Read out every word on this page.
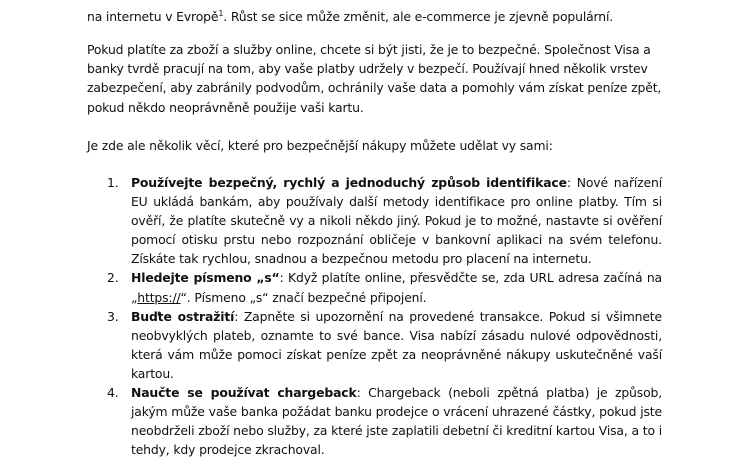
na internetu v Evropě$^1$. Růst se sice může změnit, ale e-commerce je zjevně populární.

Pokud platíte za zboží a služby online, chcete si být jisti, že je to bezpečné. Společnost Visa a banky tvrdě pracují na tom, aby vaše platby udržely v bezpečí. Používají hned několik vrstev zabezpečení, aby zabránily podvodům, ochránily vaše data a pomohly vám získat peníze zpět, pokud někdo neoprávněně použije vaši kartu.

Je zde ale několik věcí, které pro bezpečnější nákupy můžete udělat vy sami:

1. Používejte bezpečný, rychlý a jednoduchý způsob identifikace: Nové nařízení EU ukládá bankám, aby používaly další metody identifikace pro online platby. Tím si ověří, že platíte skutečně vy a nikoli někdo jiný. Pokud je to možné, nastavte si ověření pomocí otisku prstu nebo rozpoznání obličeje v bankovní aplikaci na svém telefonu. Získáte tak rychlou, snadnou a bezpečnou metodu pro placení na internetu.
2. Hledejte písmeno „s“: Když platíte online, přesvědčte se, zda URL adresa začíná na „https://“. Písmeno „s“ značí bezpečné připojení.
3. Buďte ostražití: Zapněte si upozornění na provedené transakce. Pokud si všimnete neobvyklých plateb, oznamte to své bance. Visa nabízí zásadu nulové odpovědnosti, která vám může pomoci získat peníze zpět za neoprávněné nákupy uskutečněné vaší kartou.
4. Naučte se používat chargeback: Chargeback (neboli zpětná platba) je způsob, jakým může vaše banka požádat banku prodejce o vrácení uhrazené částky, pokud jste neobdrželi zboží nebo služby, za které jste zaplatili debetní či kreditní kartou Visa, a to i tehdy, kdy prodejce zkrachoval.
